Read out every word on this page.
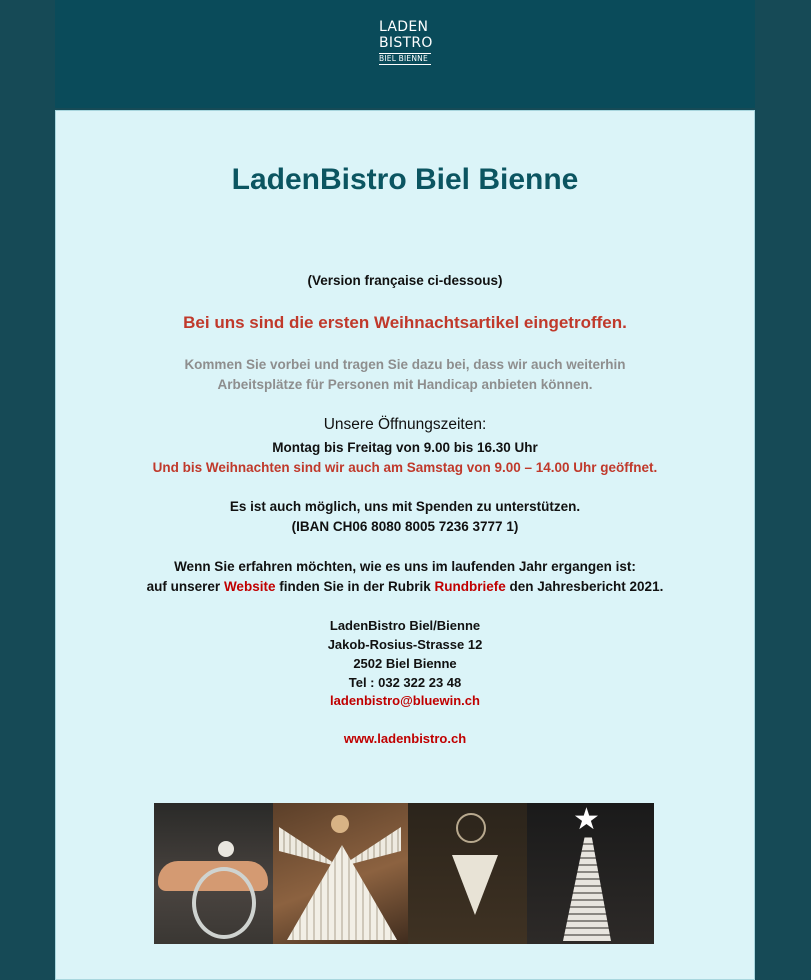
LADEN
BISTRO
BIEL BIENNE
LadenBistro Biel Bienne
(Version française ci-dessous)
Bei uns sind die ersten Weihnachtsartikel eingetroffen.
Kommen Sie vorbei und tragen Sie dazu bei, dass wir auch weiterhin
Arbeitsplätze für Personen mit Handicap anbieten können.
Unsere Öffnungszeiten:
Montag bis Freitag von 9.00 bis 16.30 Uhr
Und bis Weihnachten sind wir auch am Samstag von 9.00 – 14.00 Uhr geöffnet.
Es ist auch möglich, uns mit Spenden zu unterstützen.
(IBAN CH06 8080 8005 7236 3777 1)
Wenn Sie erfahren möchten, wie es uns im laufenden Jahr ergangen ist:
auf unserer Website finden Sie in der Rubrik Rundbriefe den Jahresbericht 2021.
LadenBistro Biel/Bienne
Jakob-Rosius-Strasse 12
2502 Biel Bienne
Tel : 032 322 23 48
ladenbistro@bluewin.ch
www.ladenbistro.ch
★
